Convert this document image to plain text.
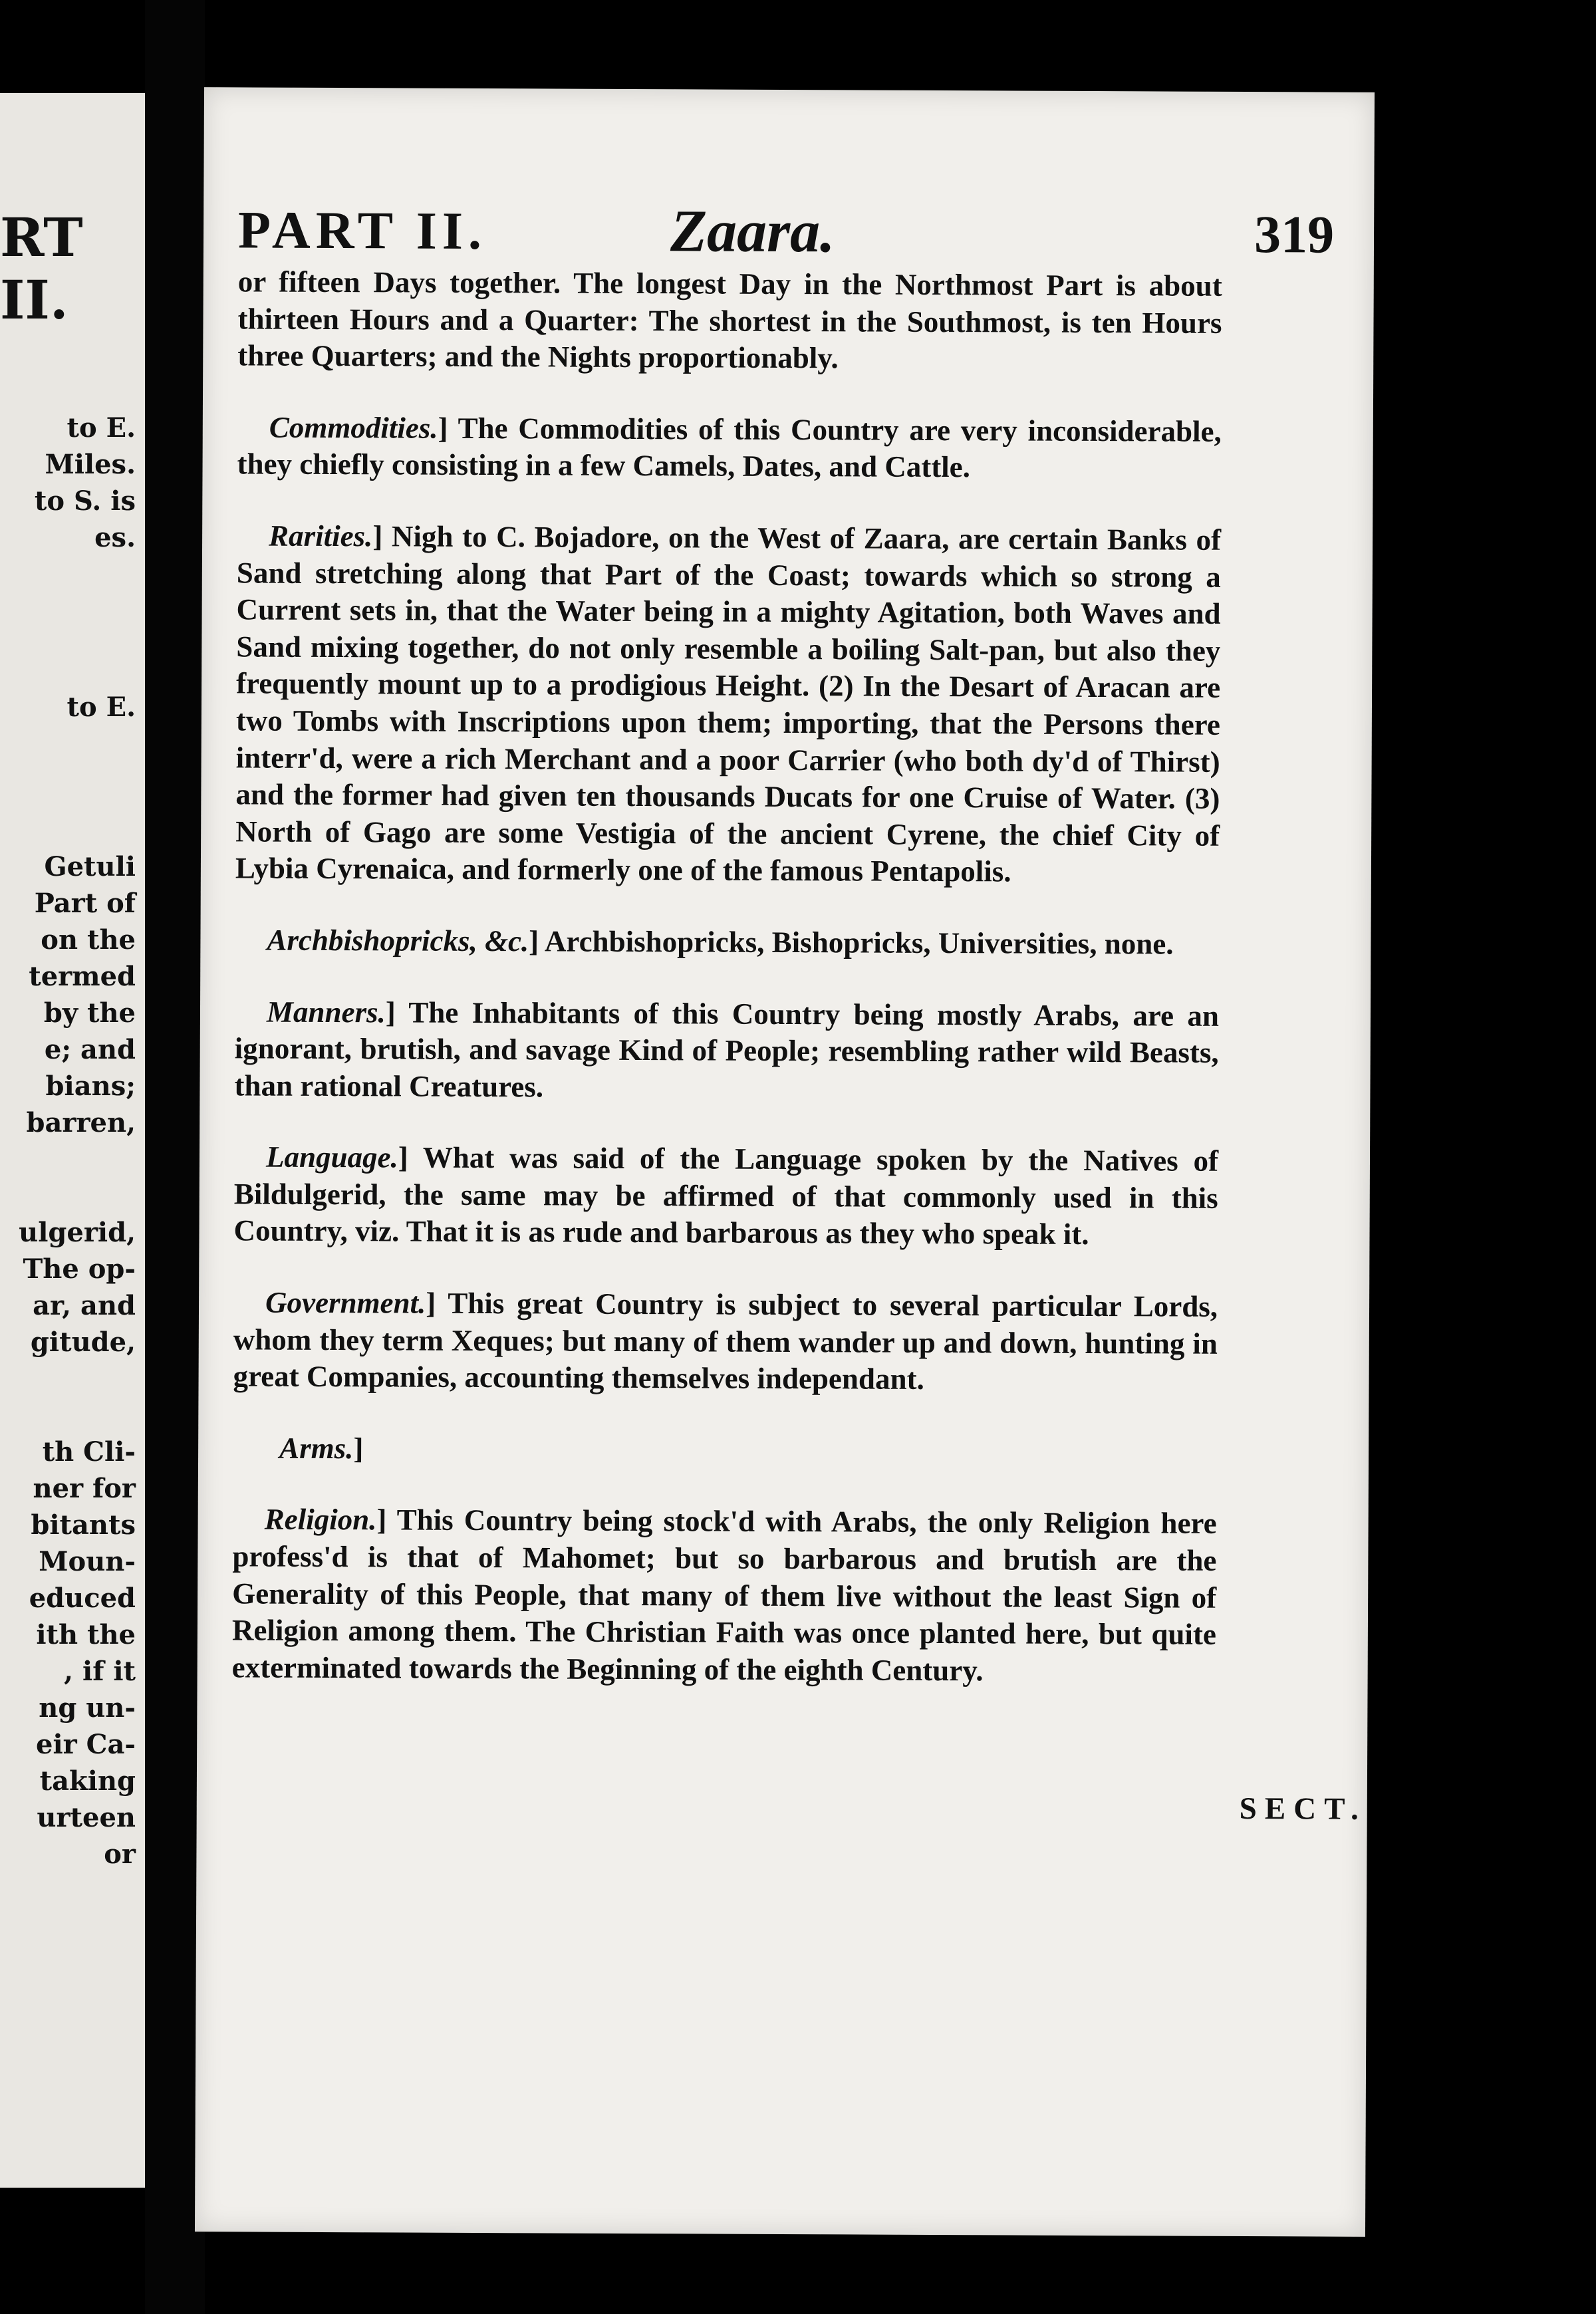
RT II.
to E.
Miles.
to S. is
es.
to E.
Getuli
Part of
on the
termed
by the
e; and
bians;
barren,
ulgerid,
The op-
ar, and
gitude,
th Cli-
ner for
bitants
Moun-
educed
ith the
, if it
ng un-
eir Ca-
taking
urteen
or
PART II.	Zaara.	319

or fifteen Days together. The longest Day in the Northmost Part is about thirteen Hours and a Quarter: The shortest in the Southmost, is ten Hours three Quarters; and the Nights proportionably.

Commodities.] The Commodities of this Country are very inconsiderable, they chiefly consisting in a few Camels, Dates, and Cattle.

Rarities.] Nigh to C. Bojadore, on the West of Zaara, are certain Banks of Sand stretching along that Part of the Coast; towards which so strong a Current sets in, that the Water being in a mighty Agitation, both Waves and Sand mixing together, do not only resemble a boiling Salt-pan, but also they frequently mount up to a prodigious Height. (2) In the Desart of Aracan are two Tombs with Inscriptions upon them; importing, that the Persons there interr'd, were a rich Merchant and a poor Carrier (who both dy'd of Thirst) and the former had given ten thousands Ducats for one Cruise of Water. (3) North of Gago are some Vestigia of the ancient Cyrene, the chief City of Lybia Cyrenaica, and formerly one of the famous Pentapolis.

Archbishopricks, &c.] Archbishopricks, Bishopricks, Universities, none.

Manners.] The Inhabitants of this Country being mostly Arabs, are an ignorant, brutish, and savage Kind of People; resembling rather wild Beasts, than rational Creatures.

Language.] What was said of the Language spoken by the Natives of Bildulgerid, the same may be affirmed of that commonly used in this Country, viz. That it is as rude and barbarous as they who speak it.

Government.] This great Country is subject to several particular Lords, whom they term Xeques; but many of them wander up and down, hunting in great Companies, accounting themselves independant.

Arms.]

Religion.] This Country being stock'd with Arabs, the only Religion here profess'd is that of Mahomet; but so barbarous and brutish are the Generality of this People, that many of them live without the least Sign of Religion among them. The Christian Faith was once planted here, but quite exterminated towards the Beginning of the eighth Century.

SECT.
